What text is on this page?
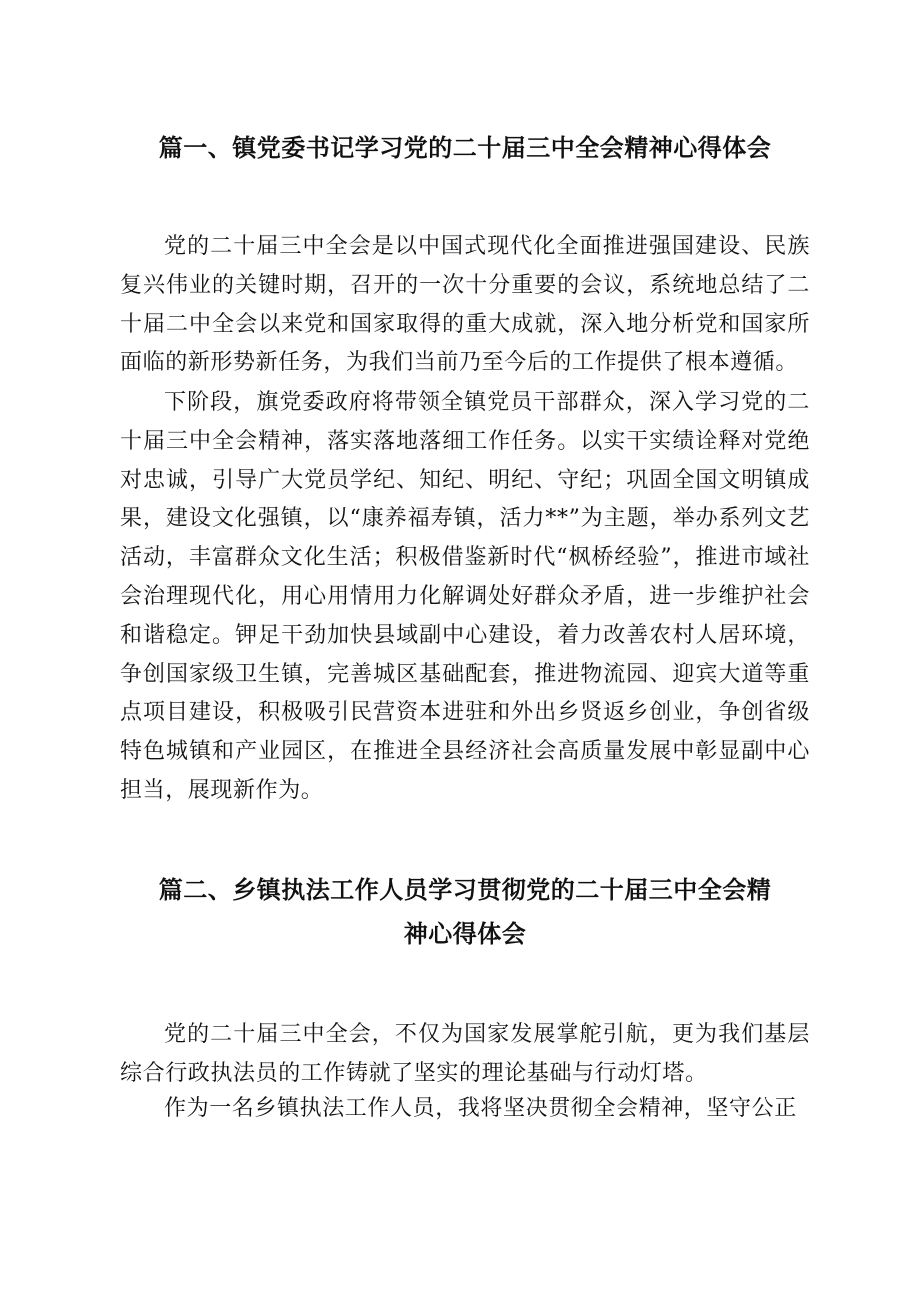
篇一、镇党委书记学习党的二十届三中全会精神心得体会

党的二十届三中全会是以中国式现代化全面推进强国建设、民族复兴伟业的关键时期，召开的一次十分重要的会议，系统地总结了二十届二中全会以来党和国家取得的重大成就，深入地分析党和国家所面临的新形势新任务，为我们当前乃至今后的工作提供了根本遵循。

下阶段，旗党委政府将带领全镇党员干部群众，深入学习党的二十届三中全会精神，落实落地落细工作任务。以实干实绩诠释对党绝对忠诚，引导广大党员学纪、知纪、明纪、守纪；巩固全国文明镇成果，建设文化强镇，以“康养福寿镇，活力**”为主题，举办系列文艺活动，丰富群众文化生活；积极借鉴新时代“枫桥经验”，推进市域社会治理现代化，用心用情用力化解调处好群众矛盾，进一步维护社会和谐稳定。钾足干劲加快县域副中心建设，着力改善农村人居环境，争创国家级卫生镇，完善城区基础配套，推进物流园、迎宾大道等重点项目建设，积极吸引民营资本进驻和外出乡贤返乡创业，争创省级特色城镇和产业园区，在推进全县经济社会高质量发展中彰显副中心担当，展现新作为。

篇二、乡镇执法工作人员学习贯彻党的二十届三中全会精
神心得体会

党的二十届三中全会，不仅为国家发展掌舵引航，更为我们基层综合行政执法员的工作铸就了坚实的理论基础与行动灯塔。

作为一名乡镇执法工作人员，我将坚决贯彻全会精神，坚守公正
